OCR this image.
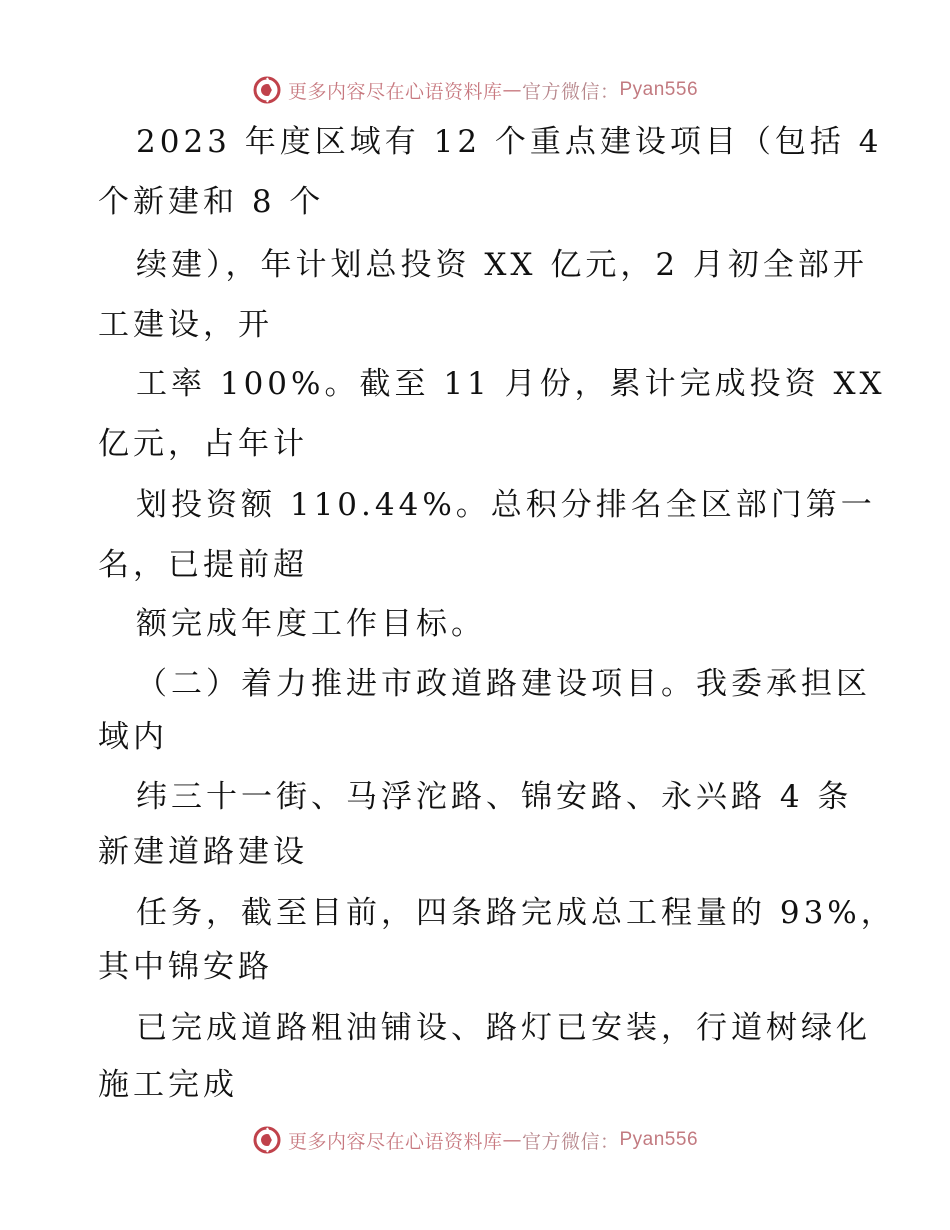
更多内容尽在心语资料库 — 官方微信： Pyan556
2023 年度区域有 12 个重点建设项目（包括 4
个新建和 8 个
续建），年计划总投资 XX 亿元，2 月初全部开
工建设，开
工率 100%。截至 11 月份，累计完成投资 XX
亿元，占年计
划投资额 110.44%。总积分排名全区部门第一
名，已提前超
额完成年度工作目标。
（二）着力推进市政道路建设项目。我委承担区
域内
纬三十一街、马浮沱路、锦安路、永兴路 4 条
新建道路建设
任务，截至目前，四条路完成总工程量的 93%，
其中锦安路
已完成道路粗油铺设、路灯已安装，行道树绿化
施工完成
更多内容尽在心语资料库 — 官方微信： Pyan556
